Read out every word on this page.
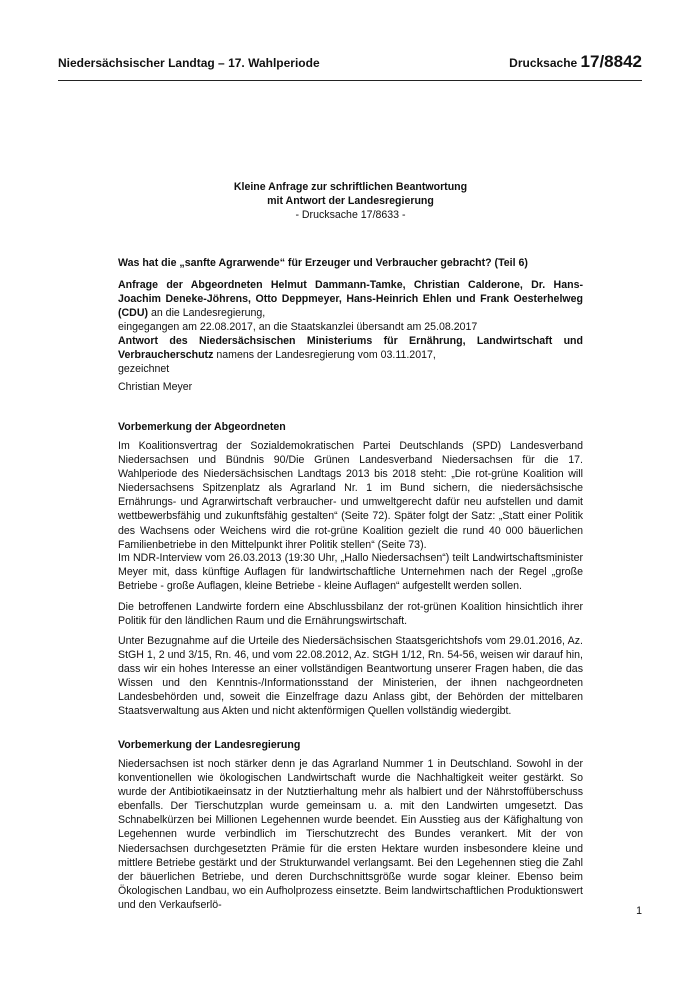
Niedersächsischer Landtag – 17. Wahlperiode	Drucksache 17/8842
Kleine Anfrage zur schriftlichen Beantwortung
mit Antwort der Landesregierung
- Drucksache 17/8633 -
Was hat die „sanfte Agrarwende“ für Erzeuger und Verbraucher gebracht? (Teil 6)

Anfrage der Abgeordneten Helmut Dammann-Tamke, Christian Calderone, Dr. Hans-Joachim Deneke-Jöhrens, Otto Deppmeyer, Hans-Heinrich Ehlen und Frank Oesterhelweg (CDU) an die Landesregierung,

eingegangen am 22.08.2017, an die Staatskanzlei übersandt am 25.08.2017

Antwort des Niedersächsischen Ministeriums für Ernährung, Landwirtschaft und Verbraucherschutz namens der Landesregierung vom 03.11.2017,

gezeichnet

Christian Meyer
Vorbemerkung der Abgeordneten
Im Koalitionsvertrag der Sozialdemokratischen Partei Deutschlands (SPD) Landesverband Niedersachsen und Bündnis 90/Die Grünen Landesverband Niedersachsen für die 17. Wahlperiode des Niedersächsischen Landtags 2013 bis 2018 steht: „Die rot-grüne Koalition will Niedersachsens Spitzenplatz als Agrarland Nr. 1 im Bund sichern, die niedersächsische Ernährungs- und Agrarwirtschaft verbraucher- und umweltgerecht dafür neu aufstellen und damit wettbewerbsfähig und zukunftsfähig gestalten“ (Seite 72). Später folgt der Satz: „Statt einer Politik des Wachsens oder Weichens wird die rot-grüne Koalition gezielt die rund 40 000 bäuerlichen Familienbetriebe in den Mittelpunkt ihrer Politik stellen“ (Seite 73).
Im NDR-Interview vom 26.03.2013 (19:30 Uhr, „Hallo Niedersachsen“) teilt Landwirtschaftsminister Meyer mit, dass künftige Auflagen für landwirtschaftliche Unternehmen nach der Regel „große Betriebe - große Auflagen, kleine Betriebe - kleine Auflagen“ aufgestellt werden sollen.
Die betroffenen Landwirte fordern eine Abschlussbilanz der rot-grünen Koalition hinsichtlich ihrer Politik für den ländlichen Raum und die Ernährungswirtschaft.
Unter Bezugnahme auf die Urteile des Niedersächsischen Staatsgerichtshofs vom 29.01.2016, Az. StGH 1, 2 und 3/15, Rn. 46, und vom 22.08.2012, Az. StGH 1/12, Rn. 54-56, weisen wir darauf hin, dass wir ein hohes Interesse an einer vollständigen Beantwortung unserer Fragen haben, die das Wissen und den Kenntnis-/Informationsstand der Ministerien, der ihnen nachgeordneten Landesbehörden und, soweit die Einzelfrage dazu Anlass gibt, der Behörden der mittelbaren Staatsverwaltung aus Akten und nicht aktenförmigen Quellen vollständig wiedergibt.
Vorbemerkung der Landesregierung
Niedersachsen ist noch stärker denn je das Agrarland Nummer 1 in Deutschland. Sowohl in der konventionellen wie ökologischen Landwirtschaft wurde die Nachhaltigkeit weiter gestärkt. So wurde der Antibiotikaeinsatz in der Nutztierhaltung mehr als halbiert und der Nährstoffüberschuss ebenfalls. Der Tierschutzplan wurde gemeinsam u. a. mit den Landwirten umgesetzt. Das Schnabelkürzen bei Millionen Legehennen wurde beendet. Ein Ausstieg aus der Käfighaltung von Legehennen wurde verbindlich im Tierschutzrecht des Bundes verankert. Mit der von Niedersachsen durchgesetzten Prämie für die ersten Hektare wurden insbesondere kleine und mittlere Betriebe gestärkt und der Strukturwandel verlangsamt. Bei den Legehennen stieg die Zahl der bäuerlichen Betriebe, und deren Durchschnittsgröße wurde sogar kleiner. Ebenso beim Ökologischen Landbau, wo ein Aufholprozess einsetzte. Beim landwirtschaftlichen Produktionswert und den Verkaufserlö-
1
